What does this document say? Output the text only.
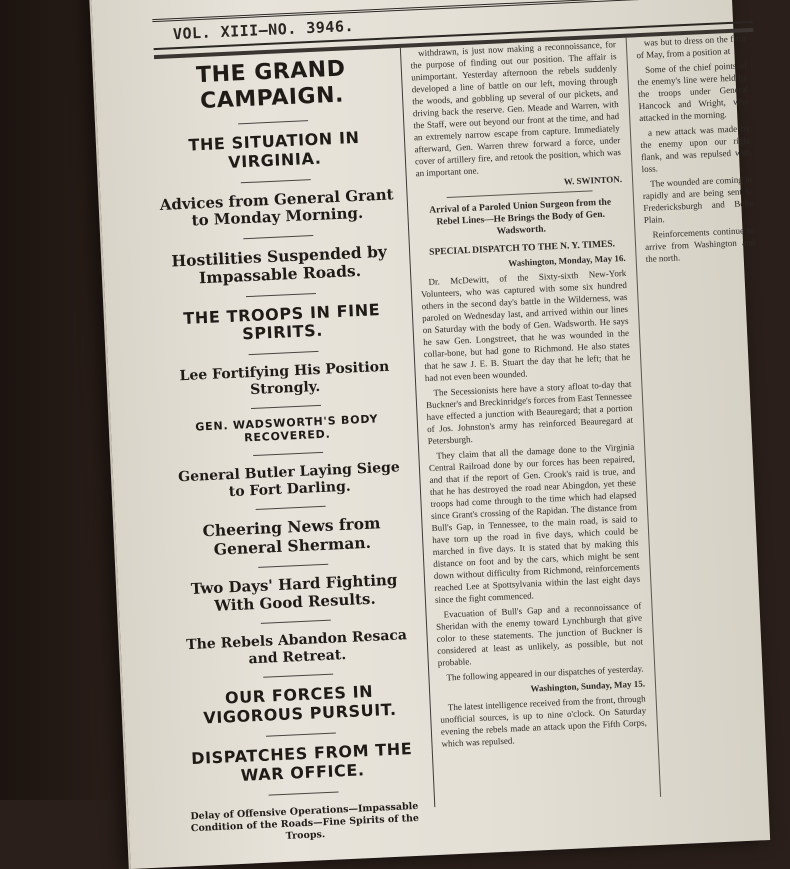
VOL. XIII—NO. 3946.
THE GRAND CAMPAIGN.
THE SITUATION IN VIRGINIA.
Advices from General Grant to Monday Morning.
Hostilities Suspended by Impassable Roads.
THE TROOPS IN FINE SPIRITS.
Lee Fortifying His Position Strongly.
GEN. WADSWORTH'S BODY RECOVERED.
General Butler Laying Siege to Fort Darling.
Cheering News from General Sherman.
Two Days' Hard Fighting With Good Results.
The Rebels Abandon Resaca and Retreat.
OUR FORCES IN VIGOROUS PURSUIT.
DISPATCHES FROM THE WAR OFFICE.
Delay of Offensive Operations—Impassable Condition of the Roads—Fine Spirits of the Troops.

withdrawn, is just now making a reconnoissance, for the purpose of finding out our position. The affair is unimportant. Yesterday afternoon the rebels suddenly developed a line of battle on our left, moving through the woods, and gobbling up several of our pickets, and driving back the reserve. Gen. Meade and Warren, with the Staff, were out beyond our front at the time, and had an extremely narrow escape from capture. Immediately afterward, Gen. Warren threw forward a force, under cover of artillery fire, and retook the position, which was an important one.

W. SWINTON.

Arrival of a Paroled Union Surgeon from the Rebel Lines—He Brings the Body of Gen. Wadsworth.

SPECIAL DISPATCH TO THE N. Y. TIMES.

Washington, Monday, May 16.

Dr. McDewitt, of the Sixty-sixth New-York Volunteers, who was captured with some six hundred others in the second day's battle in the Wilderness, was paroled on Wednesday last, and arrived within our lines on Saturday with the body of Gen. Wadsworth. He says he saw Gen. Longstreet, that he was wounded in the collar-bone, but had gone to Richmond. He also states that he saw J. E. B. Stuart the day that he left; that he had not even been wounded.

The Secessionists here have a story afloat to-day that Buckner's and Breckinridge's forces from East Tennessee have effected a junction with Beauregard; that a portion of Jos. Johnston's army has reinforced Beauregard at Petersburgh.

They claim that all the damage done to the Virginia Central Railroad done by our forces has been repaired, and that if the report of Gen. Crook's raid is true, and that he has destroyed the road near Abingdon, yet these troops had come through to the time which had elapsed since Grant's crossing of the Rapidan. The distance from Bull's Gap, in Tennessee, to the main road, is said to have torn up the road in five days, which could be marched in five days. It is stated that by making this distance on foot and by the cars, which might be sent down without difficulty from Richmond, reinforcements reached Lee at Spottsylvania within the last eight days since the fight commenced.

Evacuation of Bull's Gap and a reconnoissance of Sheridan with the enemy toward Lynchburgh that give color to these statements. The junction of Buckner is considered at least as unlikely, as possible, but not probable.

The following appeared in our dispatches of yesterday.

Washington, Sunday, May 15.

The latest intelligence received from the front, through unofficial sources, is up to nine o'clock. On Saturday evening the rebels made an attack upon the Fifth Corps, which was repulsed.

was but to dress on the fifth of May, from a position at

Some of the chief points of the enemy's line were held by the troops under General Hancock and Wright, who attacked in the morning.

a new attack was made by the enemy upon our right flank, and was repulsed with loss.

The wounded are coming in rapidly and are being sent to Fredericksburgh and Belle Plain.

Reinforcements continue to arrive from Washington and the north.
